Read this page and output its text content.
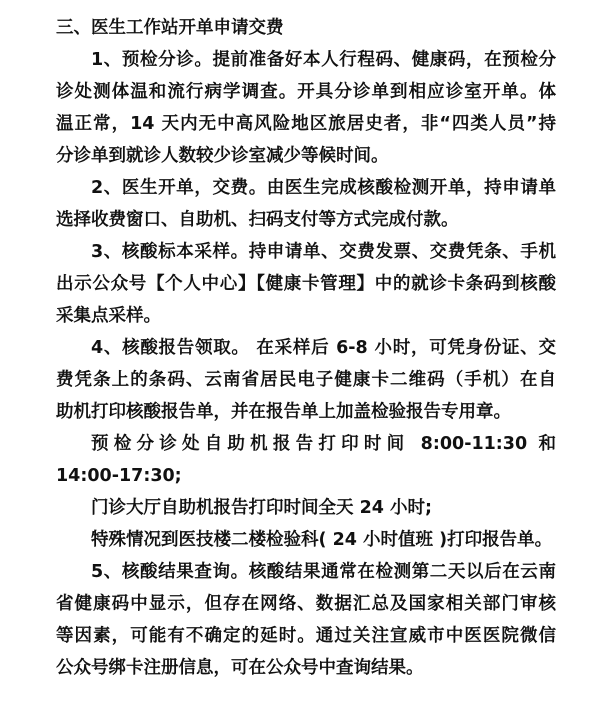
三、医生工作站开单申请交费
1、预检分诊。提前准备好本人行程码、健康码，在预检分
诊处测体温和流行病学调查。开具分诊单到相应诊室开单。体
温正常，14 天内无中高风险地区旅居史者，非“四类人员”持
分诊单到就诊人数较少诊室减少等候时间。
2、医生开单，交费。由医生完成核酸检测开单，持申请单
选择收费窗口、自助机、扫码支付等方式完成付款。
3、核酸标本采样。持申请单、交费发票、交费凭条、手机
出示公众号【个人中心】【健康卡管理】中的就诊卡条码到核酸
采集点采样。
4、核酸报告领取。 在采样后 6-8 小时，可凭身份证、交
费凭条上的条码、云南省居民电子健康卡二维码（手机）在自
助机打印核酸报告单，并在报告单上加盖检验报告专用章。
预检分诊处自助机报告打印时间 8:00-11:30 和
14:00-17:30;
门诊大厅自助机报告打印时间全天 24 小时;
特殊情况到医技楼二楼检验科( 24 小时值班 )打印报告单。
5、核酸结果查询。核酸结果通常在检测第二天以后在云南
省健康码中显示，但存在网络、数据汇总及国家相关部门审核
等因素，可能有不确定的延时。通过关注宣威市中医医院微信
公众号绑卡注册信息，可在公众号中查询结果。
